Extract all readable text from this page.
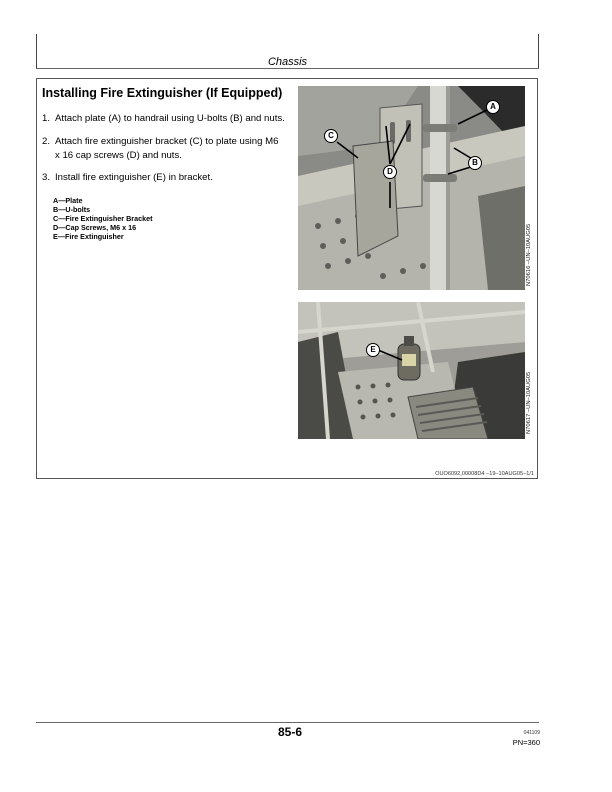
Chassis
Installing Fire Extinguisher (If Equipped)
1. Attach plate (A) to handrail using U-bolts (B) and nuts.
2. Attach fire extinguisher bracket (C) to plate using M6 x 16 cap screws (D) and nuts.
3. Install fire extinguisher (E) in bracket.
A—Plate
B—U-bolts
C—Fire Extinguisher Bracket
D—Cap Screws, M6 x 16
E—Fire Extinguisher	N70616 –UN–10AUG05
A
B
C
D
N70617 –UN–10AUG05
E
OUO6092,00008D4 –19–10AUG05–1/1
85-6	041109
PN=360
